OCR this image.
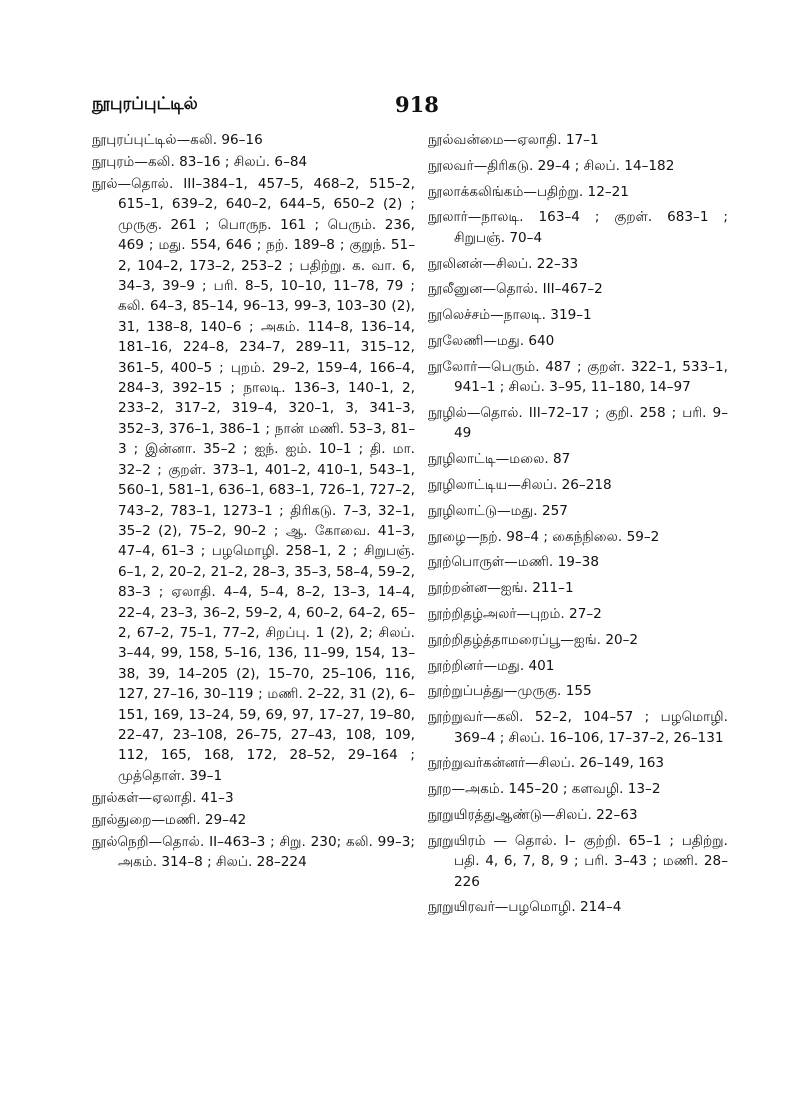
நூபுரப்புட்டில்	918
நூபுரப்புட்டில்—கலி. 96–16
நூபுரம்—கலி. 83–16 ; சிலப். 6–84
நூல்—தொல். III–384–1, 457–5, 468–2, 515–2, 615–1, 639–2, 640–2, 644–5, 650–2 (2) ; முருகு. 261 ; பொருந. 161 ; பெரும். 236, 469 ; மது. 554, 646 ; நற். 189–8 ; குறுந். 51–2, 104–2, 173–2, 253–2 ; பதிற்று. க. வா. 6, 34–3, 39–9 ; பரி. 8–5, 10–10, 11–78, 79 ; கலி. 64–3, 85–14, 96–13, 99–3, 103–30 (2), 31, 138–8, 140–6 ; அகம். 114–8, 136–14, 181–16, 224–8, 234–7, 289–11, 315–12, 361–5, 400–5 ; புறம். 29–2, 159–4, 166–4, 284–3, 392–15 ; நாலடி. 136–3, 140–1, 2, 233–2, 317–2, 319–4, 320–1, 3, 341–3, 352–3, 376–1, 386–1 ; நான் மணி. 53–3, 81–3 ; இன்னா. 35–2 ; ஐந். ஐம். 10–1 ; தி. மா. 32–2 ; குறள். 373–1, 401–2, 410–1, 543–1, 560–1, 581–1, 636–1, 683–1, 726–1, 727–2, 743–2, 783–1, 1273–1 ; திரிகடு. 7–3, 32–1, 35–2 (2), 75–2, 90–2 ; ஆ. கோவை. 41–3, 47–4, 61–3 ; பழமொழி. 258–1, 2 ; சிறுபஞ். 6–1, 2, 20–2, 21–2, 28–3, 35–3, 58–4, 59–2, 83–3 ; ஏலாதி. 4–4, 5–4, 8–2, 13–3, 14–4, 22–4, 23–3, 36–2, 59–2, 4, 60–2, 64–2, 65–2, 67–2, 75–1, 77–2, சிறப்பு. 1 (2), 2; சிலப். 3–44, 99, 158, 5–16, 136, 11–99, 154, 13–38, 39, 14–205 (2), 15–70, 25–106, 116, 127, 27–16, 30–119 ; மணி. 2–22, 31 (2), 6–151, 169, 13–24, 59, 69, 97, 17–27, 19–80, 22–47, 23–108, 26–75, 27–43, 108, 109, 112, 165, 168, 172, 28–52, 29–164 ; முத்தொள். 39–1
நூல்கள்—ஏலாதி. 41–3
நூல்துறை—மணி. 29–42
நூல்நெறி—தொல். II–463–3 ; சிறு. 230; கலி. 99–3; அகம். 314–8 ; சிலப். 28–224
நூல்வன்மை—ஏலாதி. 17–1
நூலவர்—திரிகடு. 29–4 ; சிலப். 14–182
நூலாக்கலிங்கம்—பதிற்று. 12–21
நூலார்—நாலடி. 163–4 ; குறள். 683–1 ; சிறுபஞ். 70–4
நூலினன்—சிலப். 22–33
நூலீனுன—தொல். III–467–2
நூலெச்சம்—நாலடி. 319–1
நூலேணி—மது. 640
நூலோர்—பெரும். 487 ; குறள். 322–1, 533–1, 941–1 ; சிலப். 3–95, 11–180, 14–97
நூழில்—தொல். III–72–17 ; குறி. 258 ; பரி. 9–49
நூழிலாட்டி—மலை. 87
நூழிலாட்டிய—சிலப். 26–218
நூழிலாட்டு—மது. 257
நூழை—நற். 98–4 ; கைந்நிலை. 59–2
நூற்பொருள்—மணி. 19–38
நூற்றன்ன—ஐங். 211–1
நூற்றிதழ்அலர்—புறம். 27–2
நூற்றிதழ்த்தாமரைப்பூ—ஐங். 20–2
நூற்றினர்—மது. 401
நூற்றுப்பத்து—முருகு. 155
நூற்றுவர்—கலி. 52–2, 104–57 ; பழமொழி. 369–4 ; சிலப். 16–106, 17–37–2, 26–131
நூற்றுவர்கன்னர்—சிலப். 26–149, 163
நூற—அகம். 145–20 ; களவழி. 13–2
நூறுயிரத்துஆண்டு—சிலப். 22–63
நூறுயிரம் — தொல். I– குற்றி. 65–1 ; பதிற்று. பதி. 4, 6, 7, 8, 9 ; பரி. 3–43 ; மணி. 28–226
நூறுயிரவர்—பழமொழி. 214–4
